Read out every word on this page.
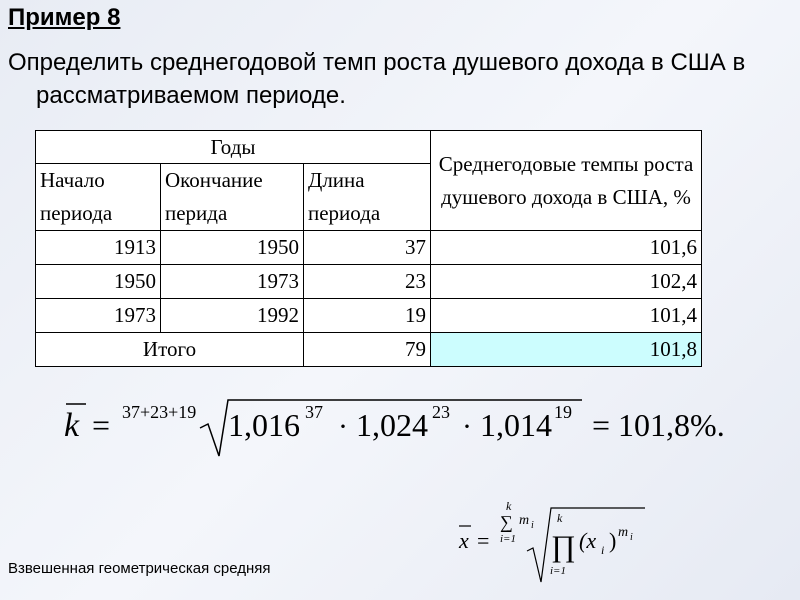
Пример 8
Определить среднегодовой темп роста душевого дохода в США в рассматриваемом периоде.
Годы			Среднегодовые темпы роста душевого дохода в США, %
Начало периода	Окончание перида	Длина периода	
1913	1950	37	101,6
1950	1973	23	102,4
1973	1992	19	101,4
Итого		79	101,8
k = 37+23+19 1,016 37 · 1,024 23 · 1,014 19 = 101,8%.
Взвешенная геометрическая средняя
x =
k
∑ m i
i=1
k
∏
i=1
(x i ) m i
